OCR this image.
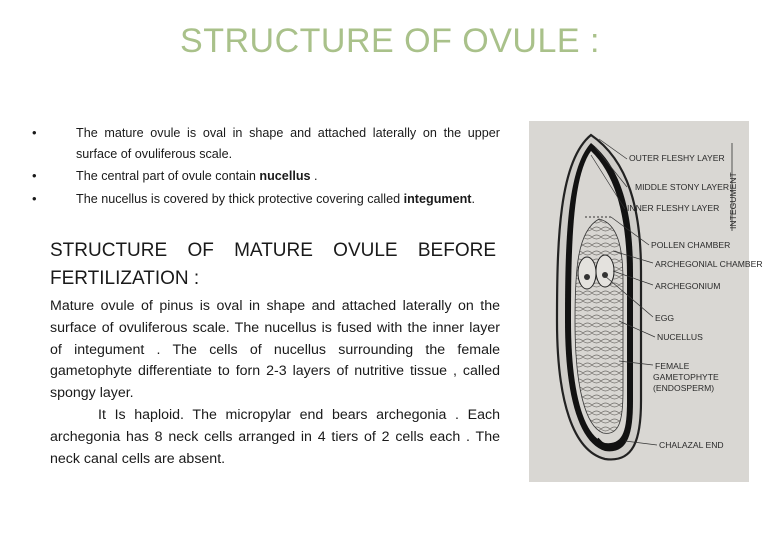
STRUCTURE OF OVULE :
•	The mature ovule is oval in shape and attached laterally on the upper surface of ovuliferous scale.
•	The central part of ovule contain nucellus .
•	The nucellus is covered by thick protective covering called integument.
STRUCTURE OF MATURE OVULE BEFORE FERTILIZATION :

Mature ovule of pinus is oval in shape and attached laterally on the surface of ovuliferous scale. The nucellus is fused with the inner layer of integument . The cells of nucellus surrounding the female gametophyte differentiate to forn 2-3 layers of nutritive tissue , called spongy layer.

It Is haploid. The micropylar end bears archegonia . Each archegonia has 8 neck cells arranged in 4 tiers of 2 cells each . The neck canal cells are absent.

INTEGUMENT
OUTER FLESHY LAYER
MIDDLE STONY LAYER
INNER FLESHY LAYER
POLLEN CHAMBER
ARCHEGONIAL CHAMBER
ARCHEGONIUM
EGG
NUCELLUS
FEMALE
GAMETOPHYTE
(ENDOSPERM)
CHALAZAL END
